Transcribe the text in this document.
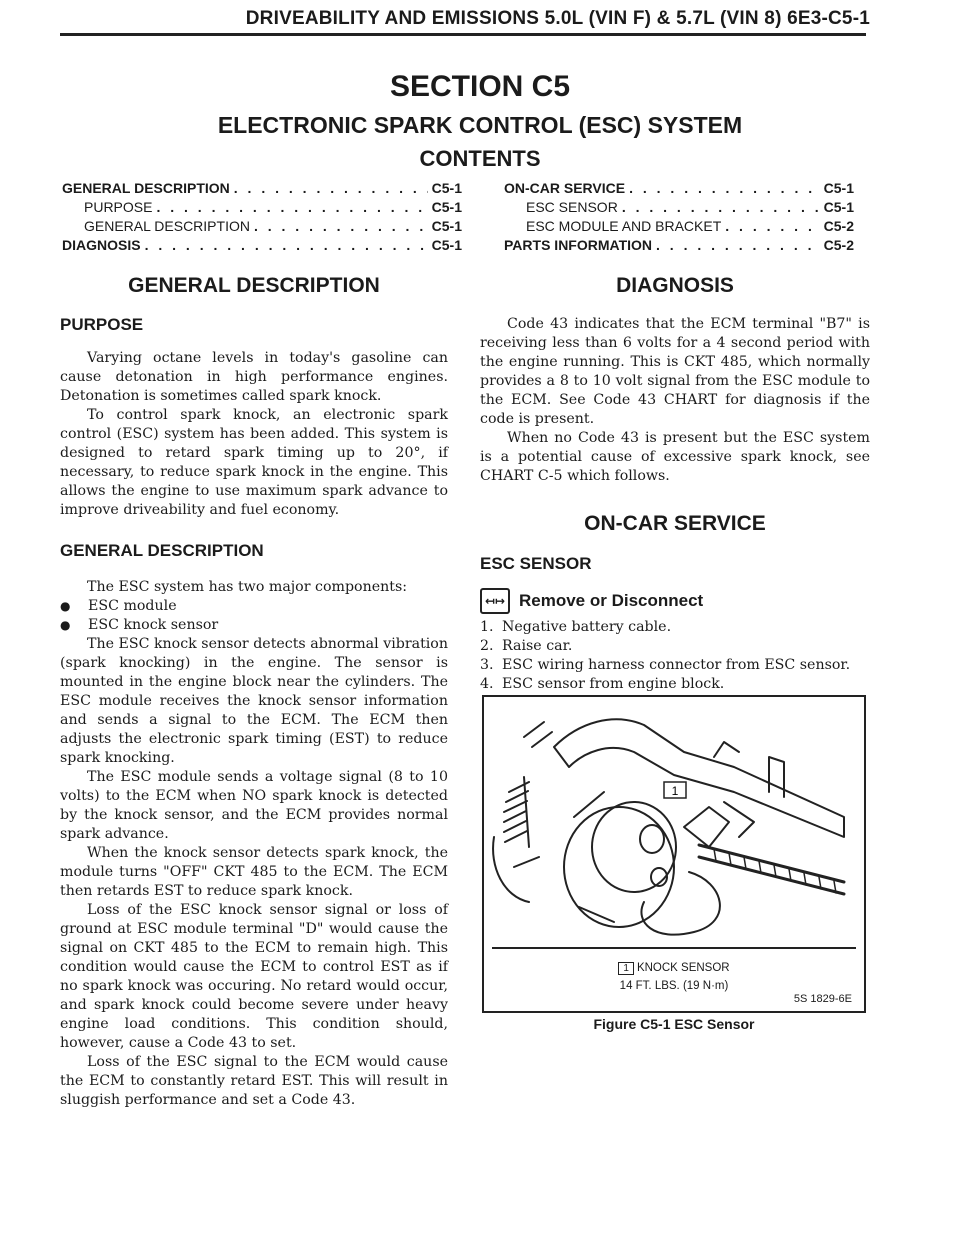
DRIVEABILITY AND EMISSIONS 5.0L (VIN F) & 5.7L (VIN 8) 6E3-C5-1
SECTION C5
ELECTRONIC SPARK CONTROL (ESC) SYSTEM
CONTENTS
GENERAL DESCRIPTION . . .	C5-1
PURPOSE . . .	C5-1
GENERAL DESCRIPTION . . .	C5-1
DIAGNOSIS . . .	C5-1
ON-CAR SERVICE . . .	C5-1
ESC SENSOR . . .	C5-1
ESC MODULE AND BRACKET . . .	C5-2
PARTS INFORMATION . . .	C5-2
GENERAL DESCRIPTION
PURPOSE

Varying octane levels in today's gasoline can cause detonation in high performance engines. Detonation is sometimes called spark knock.

To control spark knock, an electronic spark control (ESC) system has been added. This system is designed to retard spark timing up to 20°, if necessary, to reduce spark knock in the engine. This allows the engine to use maximum spark advance to improve driveability and fuel economy.

GENERAL DESCRIPTION

The ESC system has two major components:

●	ESC module
●	ESC knock sensor

The ESC knock sensor detects abnormal vibration (spark knocking) in the engine. The sensor is mounted in the engine block near the cylinders. The ESC module receives the knock sensor information and sends a signal to the ECM. The ECM then adjusts the electronic spark timing (EST) to reduce spark knocking.

The ESC module sends a voltage signal (8 to 10 volts) to the ECM when NO spark knock is detected by the knock sensor, and the ECM provides normal spark advance.

When the knock sensor detects spark knock, the module turns "OFF" CKT 485 to the ECM. The ECM then retards EST to reduce spark knock.

Loss of the ESC knock sensor signal or loss of ground at ESC module terminal "D" would cause the signal on CKT 485 to the ECM to remain high. This condition would cause the ECM to control EST as if no spark knock was occuring. No retard would occur, and spark knock could become severe under heavy engine load conditions. This condition should, however, cause a Code 43 to set.

Loss of the ESC signal to the ECM would cause the ECM to constantly retard EST. This will result in sluggish performance and set a Code 43.

DIAGNOSIS

Code 43 indicates that the ECM terminal "B7" is receiving less than 6 volts for a 4 second period with the engine running. This is CKT 485, which normally provides a 8 to 10 volt signal from the ESC module to the ECM. See Code 43 CHART for diagnosis if the code is present.

When no Code 43 is present but the ESC system is a potential cause of excessive spark knock, see CHART C-5 which follows.

ON-CAR SERVICE
ESC SENSOR
↤↦ Remove or Disconnect
1. Negative battery cable.
2. Raise car.
3. ESC wiring harness connector from ESC sensor.
4. ESC sensor from engine block.
1
1 KNOCK SENSOR
14 FT. LBS. (19 N·m)
5S 1829-6E
Figure C5-1 ESC Sensor
